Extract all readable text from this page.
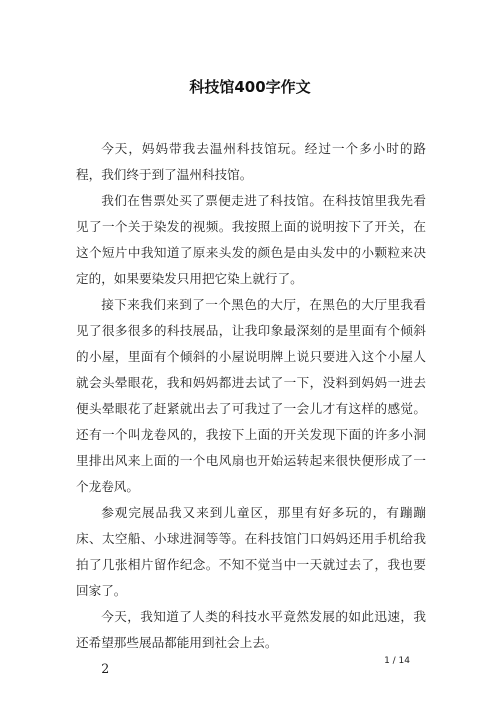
科技馆400字作文

今天，妈妈带我去温州科技馆玩。经过一个多小时的路程，我们终于到了温州科技馆。

我们在售票处买了票便走进了科技馆。在科技馆里我先看见了一个关于染发的视频。我按照上面的说明按下了开关，在这个短片中我知道了原来头发的颜色是由头发中的小颗粒来决定的，如果要染发只用把它染上就行了。

接下来我们来到了一个黑色的大厅，在黑色的大厅里我看见了很多很多的科技展品，让我印象最深刻的是里面有个倾斜的小屋，里面有个倾斜的小屋说明牌上说只要进入这个小屋人就会头晕眼花，我和妈妈都进去试了一下，没料到妈妈一进去便头晕眼花了赶紧就出去了可我过了一会儿才有这样的感觉。还有一个叫龙卷风的，我按下上面的开关发现下面的许多小洞里排出风来上面的一个电风扇也开始运转起来很快便形成了一个龙卷风。

参观完展品我又来到儿童区，那里有好多玩的，有蹦蹦床、太空船、小球进洞等等。在科技馆门口妈妈还用手机给我拍了几张相片留作纪念。不知不觉当中一天就过去了，我也要回家了。

今天，我知道了人类的科技水平竟然发展的如此迅速，我还希望那些展品都能用到社会上去。

2	1 / 14
